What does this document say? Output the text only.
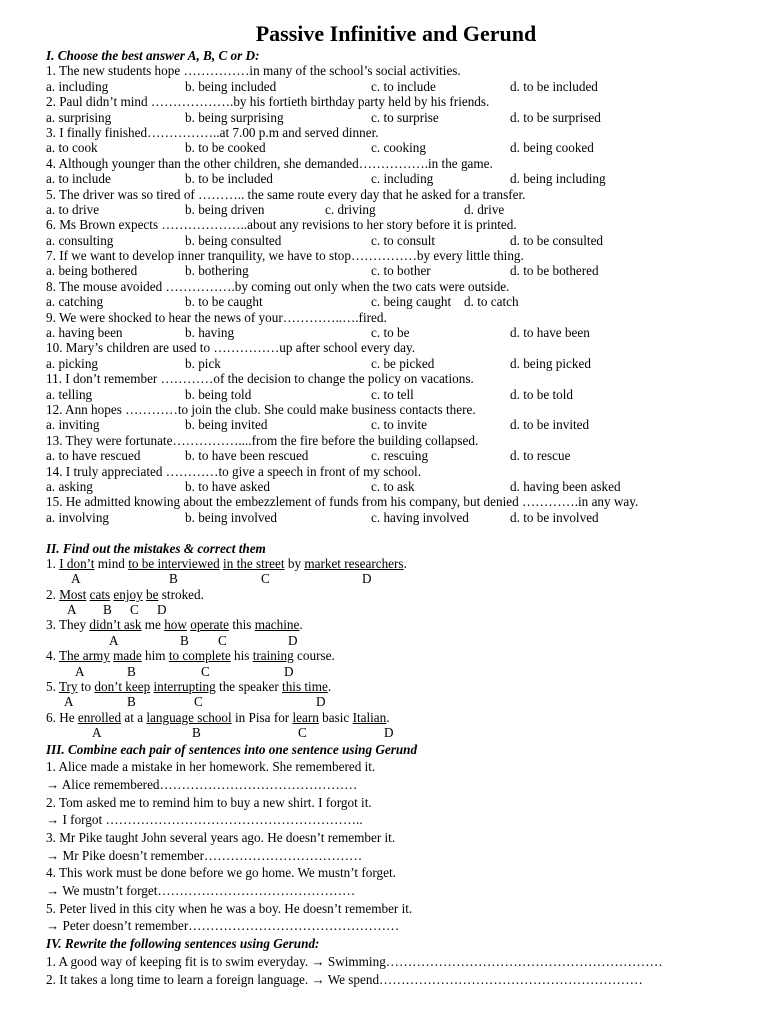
Passive Infinitive and Gerund
I. Choose the best answer A, B, C or D:
1. The new students hope ……………in many of the school’s social activities.
a. including	b. being included	c. to include	d. to be included
2. Paul didn’t mind ……………….by his fortieth birthday party held by his friends.
a. surprising	b. being surprising	c. to surprise	d. to be surprised
3. I finally finished……………..at 7.00 p.m and served dinner.
a. to cook	b. to be cooked	c. cooking	d. being cooked
4. Although younger than the other children, she demanded…………….in the game.
a. to include	b. to be included	c. including	d. being including
5. The driver was so tired of ……….. the same route every day that he asked for a transfer.
a. to drive	b. being driven	c. driving	d. drive
6. Ms Brown expects ………………..about any revisions to her story before it is printed.
a. consulting	b. being consulted	c. to consult	d. to be consulted
7. If we want to develop inner tranquility, we have to stop……………by every little thing.
a. being bothered	b. bothering	c. to bother	d. to be bothered
8. The mouse avoided …………….by coming out only when the two cats were outside.
a. catching	b. to be caught	c. being caught d. to catch
9. We were shocked to hear the news of your…………..….fired.
a. having been	b. having	c. to be	d. to have been
10. Mary’s children are used to ……………up after school every day.
a. picking	b. pick	c. be picked	d. being picked
11. I don’t remember …………of the decision to change the policy on vacations.
a. telling	b. being told	c. to tell	d. to be told
12. Ann hopes …………to join the club. She could make business contacts there.
a. inviting	b. being invited	c. to invite	d. to be invited
13. They were fortunate……………....from the fire before the building collapsed.
a. to have rescued	b. to have been rescued	c. rescuing	d. to rescue
14. I truly appreciated …………to give a speech in front of my school.
a. asking	b. to have asked	c. to ask	d. having been asked
15. He admitted knowing about the embezzlement of funds from his company, but denied ………….in any way.
a. involving	b. being involved	c. having involved	d. to be involved
II. Find out the mistakes & correct them
1. I don’t mind to be interviewed in the street by market researchers.
A	B	C	D
2. Most cats enjoy be stroked.
A B C D
3. They didn’t ask me how operate this machine.
A	B C	D
4. The army made him to complete his training course.
A	B	C	D
5. Try to don’t keep interrupting the speaker this time.
A	B	C	D
6. He enrolled at a language school in Pisa for learn basic Italian.
A	B	C	D
III. Combine each pair of sentences into one sentence using Gerund
1. Alice made a mistake in her homework. She remembered it.
→ Alice remembered………………………………………
2. Tom asked me to remind him to buy a new shirt. I forgot it.
→ I forgot …………………………………………………..
3. Mr Pike taught John several years ago. He doesn’t remember it.
→ Mr Pike doesn’t remember………………………………
4. This work must be done before we go home. We mustn’t forget.
→ We mustn’t forget………………………………………
5. Peter lived in this city when he was a boy. He doesn’t remember it.
→ Peter doesn’t remember…………………………………………
IV. Rewrite the following sentences using Gerund:
1. A good way of keeping fit is to swim everyday. → Swimming………………………………………………………
2. It takes a long time to learn a foreign language. → We spend……………………………………………………
